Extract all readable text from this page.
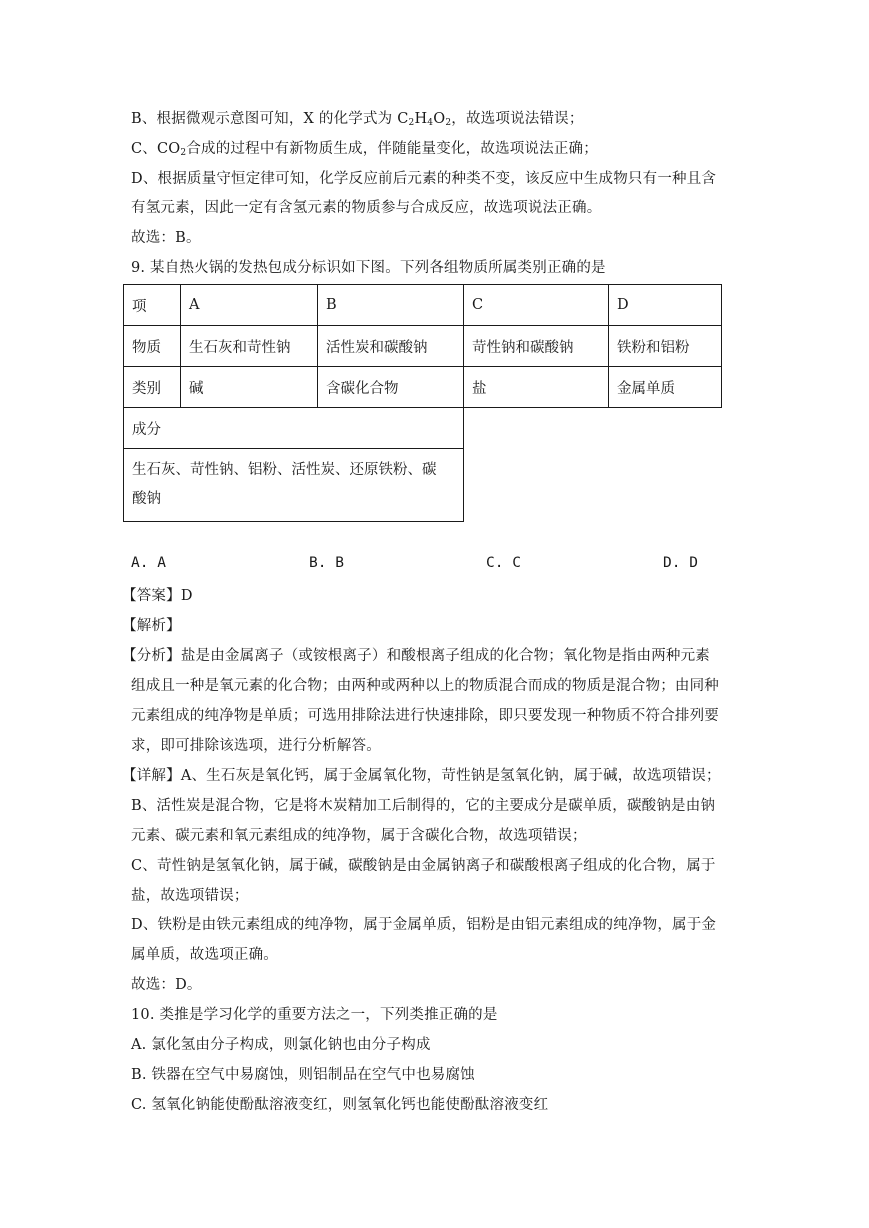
B、根据微观示意图可知，X 的化学式为 $C_2H_4O_2$，故选项说法错误；
C、$CO_2$合成的过程中有新物质生成，伴随能量变化，故选项说法正确；
D、根据质量守恒定律可知，化学反应前后元素的种类不变，该反应中生成物只有一种且含
有氢元素，因此一定有含氢元素的物质参与合成反应，故选项说法正确。
故选：B。
9. 某自热火锅的发热包成分标识如下图。下列各组物质所属类别正确的是
项	A	B	C	D
物质	生石灰和苛性钠	活性炭和碳酸钠	苛性钠和碳酸钠	铁粉和铝粉
类别	碱	含碳化合物	盐	金属单质
成分				
生石灰、苛性钠、铝粉、活性炭、还原铁粉、碳
酸钠				
A. A	B. B	C. C	D. D
【答案】D
【解析】
【分析】盐是由金属离子（或铵根离子）和酸根离子组成的化合物；氧化物是指由两种元素
组成且一种是氧元素的化合物；由两种或两种以上的物质混合而成的物质是混合物；由同种
元素组成的纯净物是单质；可选用排除法进行快速排除，即只要发现一种物质不符合排列要
求，即可排除该选项，进行分析解答。
【详解】A、生石灰是氧化钙，属于金属氧化物，苛性钠是氢氧化钠，属于碱，故选项错误；
B、活性炭是混合物，它是将木炭精加工后制得的，它的主要成分是碳单质，碳酸钠是由钠
元素、碳元素和氧元素组成的纯净物，属于含碳化合物，故选项错误；
C、苛性钠是氢氧化钠，属于碱，碳酸钠是由金属钠离子和碳酸根离子组成的化合物，属于
盐，故选项错误；
D、铁粉是由铁元素组成的纯净物，属于金属单质，铝粉是由铝元素组成的纯净物，属于金
属单质，故选项正确。
故选：D。
10. 类推是学习化学的重要方法之一，下列类推正确的是
A. 氯化氢由分子构成，则氯化钠也由分子构成
B. 铁器在空气中易腐蚀，则铝制品在空气中也易腐蚀
C. 氢氧化钠能使酚酞溶液变红，则氢氧化钙也能使酚酞溶液变红
